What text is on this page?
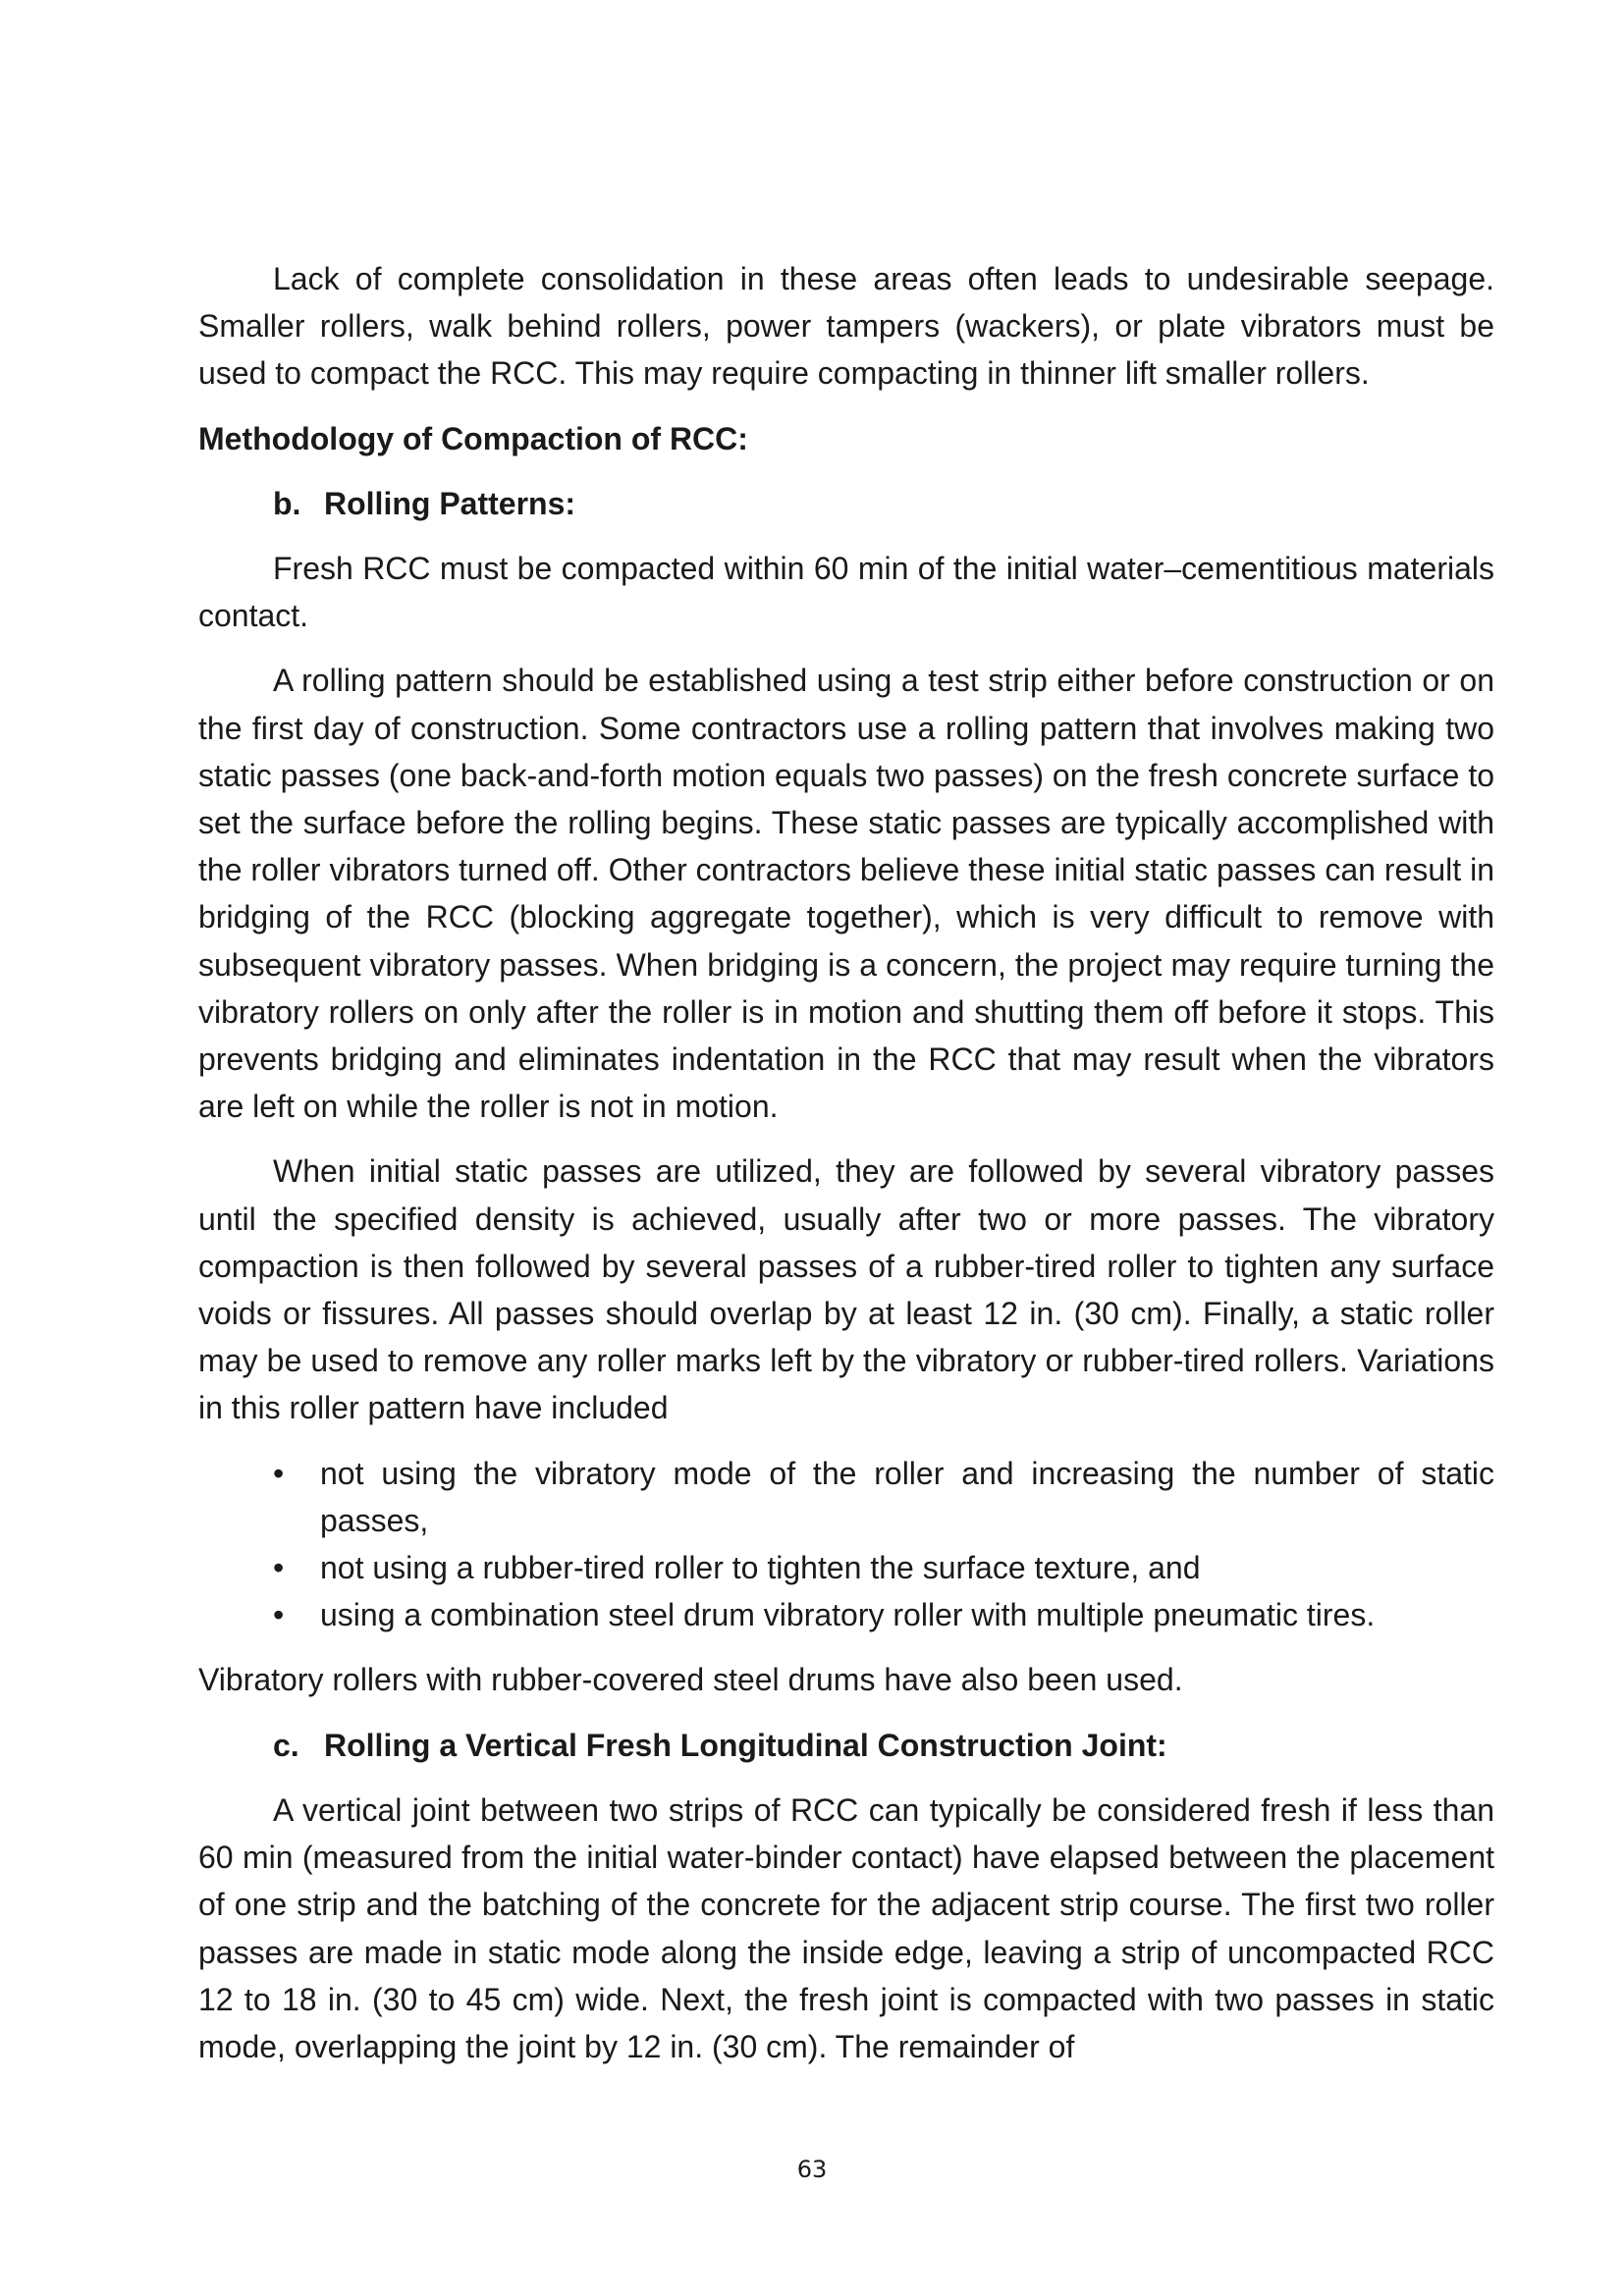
Lack of complete consolidation in these areas often leads to undesirable seepage. Smaller rollers, walk behind rollers, power tampers (wackers), or plate vibrators must be used to compact the RCC. This may require compacting in thinner lift smaller rollers.

Methodology of Compaction of RCC:
b. Rolling Patterns:

Fresh RCC must be compacted within 60 min of the initial water–cementitious materials contact.

A rolling pattern should be established using a test strip either before construction or on the first day of construction. Some contractors use a rolling pattern that involves making two static passes (one back-and-forth motion equals two passes) on the fresh concrete surface to set the surface before the rolling begins. These static passes are typically accomplished with the roller vibrators turned off. Other contractors believe these initial static passes can result in bridging of the RCC (blocking aggregate together), which is very difficult to remove with subsequent vibratory passes. When bridging is a concern, the project may require turning the vibratory rollers on only after the roller is in motion and shutting them off before it stops. This prevents bridging and eliminates indentation in the RCC that may result when the vibrators are left on while the roller is not in motion.

When initial static passes are utilized, they are followed by several vibratory passes until the specified density is achieved, usually after two or more passes. The vibratory compaction is then followed by several passes of a rubber-tired roller to tighten any surface voids or fissures. All passes should overlap by at least 12 in. (30 cm). Finally, a static roller may be used to remove any roller marks left by the vibratory or rubber-tired rollers. Variations in this roller pattern have included

• not using the vibratory mode of the roller and increasing the number of static passes,
• not using a rubber-tired roller to tighten the surface texture, and
• using a combination steel drum vibratory roller with multiple pneumatic tires.

Vibratory rollers with rubber-covered steel drums have also been used.

c. Rolling a Vertical Fresh Longitudinal Construction Joint:

A vertical joint between two strips of RCC can typically be considered fresh if less than 60 min (measured from the initial water-binder contact) have elapsed between the placement of one strip and the batching of the concrete for the adjacent strip course. The first two roller passes are made in static mode along the inside edge, leaving a strip of uncompacted RCC 12 to 18 in. (30 to 45 cm) wide. Next, the fresh joint is compacted with two passes in static mode, overlapping the joint by 12 in. (30 cm). The remainder of

63
